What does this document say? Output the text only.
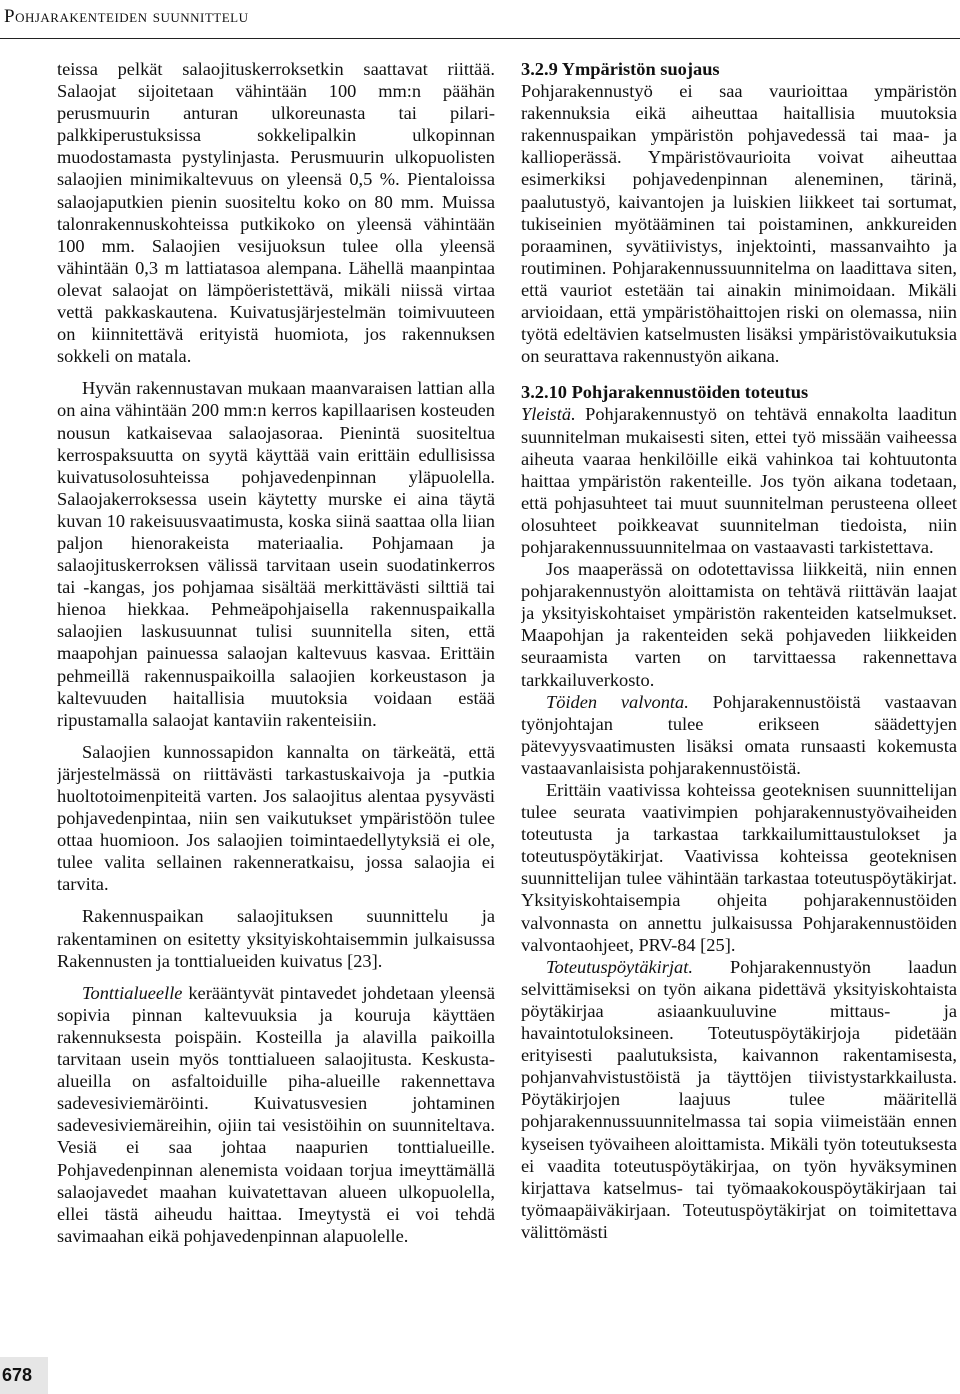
Pohjarakenteiden suunnittelu

teissa pelkät salaojituskerroksetkin saattavat riittää. Salaojat sijoitetaan vähintään 100 mm:n päähän perusmuurin anturan ulkoreunasta tai pilari-palkkiperustuksissa sokkelipalkin ulkopinnan muodostamasta pystylinjasta. Perusmuurin ulkopuolisten salaojien minimikaltevuus on yleensä 0,5 %. Pientaloissa salaojaputkien pienin suositeltu koko on 80 mm. Muissa talonrakennuskohteissa putkikoko on yleensä vähintään 100 mm. Salaojien vesijuoksun tulee olla yleensä vähintään 0,3 m lattiatasoa alempana. Lähellä maanpintaa olevat salaojat on lämpöeristettävä, mikäli niissä virtaa vettä pakkaskautena. Kuivatusjärjestelmän toimivuuteen on kiinnitettävä erityistä huomiota, jos rakennuksen sokkeli on matala.

Hyvän rakennustavan mukaan maanvaraisen lattian alla on aina vähintään 200 mm:n kerros kapillaarisen kosteuden nousun katkaisevaa salaojasoraa. Pienintä suositeltua kerrospaksuutta on syytä käyttää vain erittäin edullisissa kuivatusolosuhteissa pohjavedenpinnan yläpuolella. Salaojakerroksessa usein käytetty murske ei aina täytä kuvan 10 rakeisuusvaatimusta, koska siinä saattaa olla liian paljon hienorakeista materiaalia. Pohjamaan ja salaojituskerroksen välissä tarvitaan usein suodatinkerros tai -kangas, jos pohjamaa sisältää merkittävästi silttiä tai hienoa hiekkaa. Pehmeäpohjaisella rakennuspaikalla salaojien laskusuunnat tulisi suunnitella siten, että maapohjan painuessa salaojan kaltevuus kasvaa. Erittäin pehmeillä rakennuspaikoilla salaojien korkeustason ja kaltevuuden haitallisia muutoksia voidaan estää ripustamalla salaojat kantaviin rakenteisiin.

Salaojien kunnossapidon kannalta on tärkeätä, että järjestelmässä on riittävästi tarkastuskaivoja ja -putkia huoltotoimenpiteitä varten. Jos salaojitus alentaa pysyvästi pohjavedenpintaa, niin sen vaikutukset ympäristöön tulee ottaa huomioon. Jos salaojien toimintaedellytyksiä ei ole, tulee valita sellainen rakenneratkaisu, jossa salaojia ei tarvita.

Rakennuspaikan salaojituksen suunnittelu ja rakentaminen on esitetty yksityiskohtaisemmin julkaisussa Rakennusten ja tonttialueiden kuivatus [23].

Tonttialueelle kerääntyvät pintavedet johdetaan yleensä sopivia pinnan kaltevuuksia ja kouruja käyttäen rakennuksesta poispäin. Kosteilla ja alavilla paikoilla tarvitaan usein myös tonttialueen salaojitusta. Keskusta-alueilla on asfaltoiduille piha-alueille rakennettava sadevesiviemäröinti. Kuivatusvesien johtaminen sadevesiviemäreihin, ojiin tai vesistöihin on suunniteltava. Vesiä ei saa johtaa naapurien tonttialueille. Pohjavedenpinnan alenemista voidaan torjua imeyttämällä salaojavedet maahan kuivatettavan alueen ulkopuolella, ellei tästä aiheudu haittaa. Imeytystä ei voi tehdä savimaahan eikä pohjavedenpinnan alapuolelle.

3.2.9 Ympäristön suojaus

Pohjarakennustyö ei saa vaurioittaa ympäristön rakennuksia eikä aiheuttaa haitallisia muutoksia rakennuspaikan ympäristön pohjavedessä tai maa- ja kallioperässä. Ympäristövaurioita voivat aiheuttaa esimerkiksi pohjavedenpinnan aleneminen, tärinä, paalutustyö, kaivantojen ja luiskien liikkeet tai sortumat, tukiseinien myötääminen tai poistaminen, ankkureiden poraaminen, syvätiivistys, injektointi, massanvaihto ja routiminen. Pohjarakennussuunnitelma on laadittava siten, että vauriot estetään tai ainakin minimoidaan. Mikäli arvioidaan, että ympäristöhaittojen riski on olemassa, niin työtä edeltävien katselmusten lisäksi ympäristövaikutuksia on seurattava rakennustyön aikana.

3.2.10 Pohjarakennustöiden toteutus

Yleistä. Pohjarakennustyö on tehtävä ennakolta laaditun suunnitelman mukaisesti siten, ettei työ missään vaiheessa aiheuta vaaraa henkilöille eikä vahinkoa tai kohtuutonta haittaa ympäristön rakenteille. Jos työn aikana todetaan, että pohjasuhteet tai muut suunnitelman perusteena olleet olosuhteet poikkeavat suunnitelman tiedoista, niin pohjarakennussuunnitelmaa on vastaavasti tarkistettava.

Jos maaperässä on odotettavissa liikkeitä, niin ennen pohjarakennustyön aloittamista on tehtävä riittävän laajat ja yksityiskohtaiset ympäristön rakenteiden katselmukset. Maapohjan ja rakenteiden sekä pohjaveden liikkeiden seuraamista varten on tarvittaessa rakennettava tarkkailuverkosto.

Töiden valvonta. Pohjarakennustöistä vastaavan työnjohtajan tulee erikseen säädettyjen pätevyysvaatimusten lisäksi omata runsaasti kokemusta vastaavanlaisista pohjarakennustöistä.

Erittäin vaativissa kohteissa geoteknisen suunnittelijan tulee seurata vaativimpien pohjarakennustyövaiheiden toteutusta ja tarkastaa tarkkailumittaustulokset ja toteutuspöytäkirjat. Vaativissa kohteissa geoteknisen suunnittelijan tulee vähintään tarkastaa toteutuspöytäkirjat. Yksityiskohtaisempia ohjeita pohjarakennustöiden valvonnasta on annettu julkaisussa Pohjarakennustöiden valvontaohjeet, PRV-84 [25].

Toteutuspöytäkirjat. Pohjarakennustyön laadun selvittämiseksi on työn aikana pidettävä yksityiskohtaista pöytäkirjaa asiaankuuluvine mittaus- ja havaintotuloksineen. Toteutuspöytäkirjoja pidetään erityisesti paalutuksista, kaivannon rakentamisesta, pohjanvahvistustöistä ja täyttöjen tiivistystarkkailusta. Pöytäkirjojen laajuus tulee määritellä pohjarakennussuunnitelmassa tai sopia viimeistään ennen kyseisen työvaiheen aloittamista. Mikäli työn toteutuksesta ei vaadita toteutuspöytäkirjaa, on työn hyväksyminen kirjattava katselmus- tai työmaakokouspöytäkirjaan tai työmaapäiväkirjaan. Toteutuspöytäkirjat on toimitettava välittömästi

678
